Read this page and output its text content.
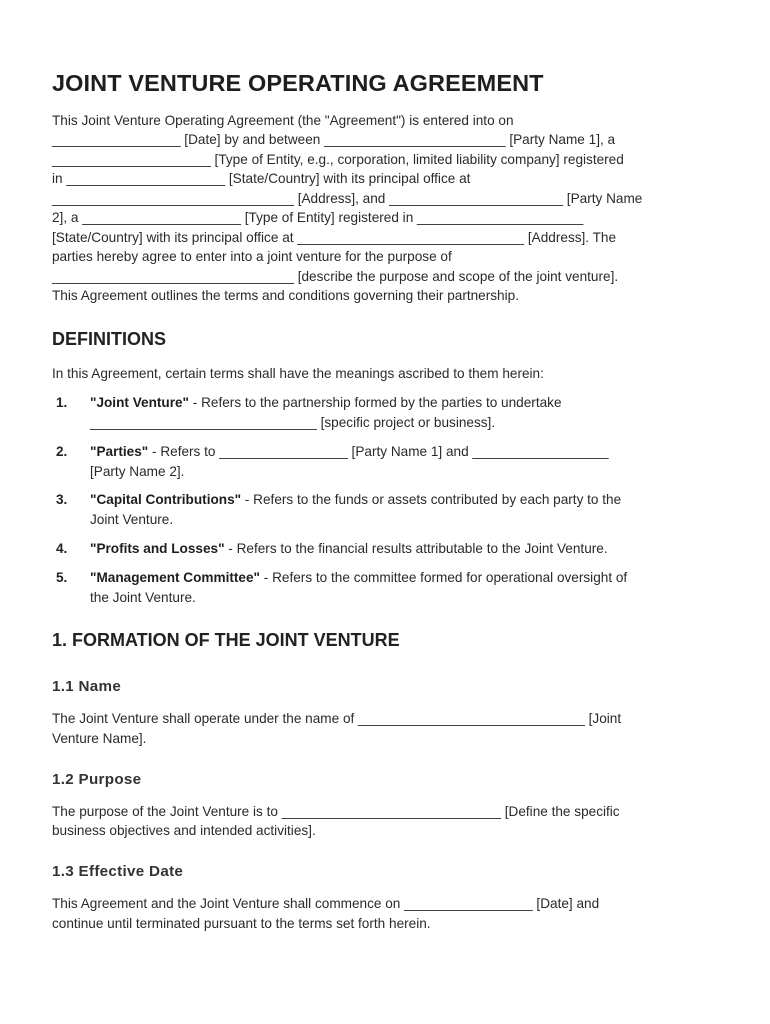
JOINT VENTURE OPERATING AGREEMENT
This Joint Venture Operating Agreement (the "Agreement") is entered into on
_________________ [Date] by and between ________________________ [Party Name 1], a
_____________________ [Type of Entity, e.g., corporation, limited liability company] registered
in _____________________ [State/Country] with its principal office at
________________________________ [Address], and _______________________ [Party Name
2], a _____________________ [Type of Entity] registered in ______________________
[State/Country] with its principal office at ______________________________ [Address]. The
parties hereby agree to enter into a joint venture for the purpose of
________________________________ [describe the purpose and scope of the joint venture].
This Agreement outlines the terms and conditions governing their partnership.
DEFINITIONS
In this Agreement, certain terms shall have the meanings ascribed to them herein:
1. "Joint Venture" - Refers to the partnership formed by the parties to undertake
______________________________ [specific project or business].
2. "Parties" - Refers to _________________ [Party Name 1] and __________________
[Party Name 2].
3. "Capital Contributions" - Refers to the funds or assets contributed by each party to the
Joint Venture.
4. "Profits and Losses" - Refers to the financial results attributable to the Joint Venture.
5. "Management Committee" - Refers to the committee formed for operational oversight of
the Joint Venture.
1. FORMATION OF THE JOINT VENTURE
1.1 Name
The Joint Venture shall operate under the name of ______________________________ [Joint
Venture Name].
1.2 Purpose
The purpose of the Joint Venture is to _____________________________ [Define the specific
business objectives and intended activities].
1.3 Effective Date
This Agreement and the Joint Venture shall commence on _________________ [Date] and
continue until terminated pursuant to the terms set forth herein.
